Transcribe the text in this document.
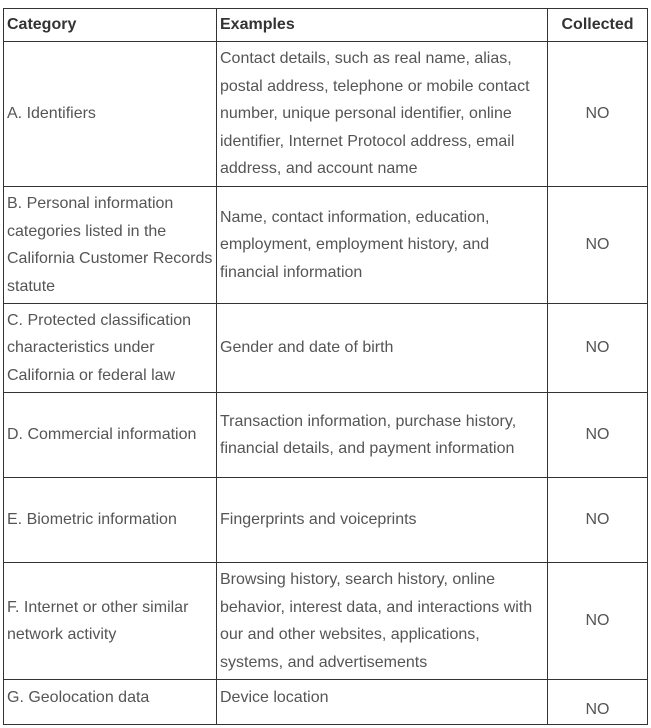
Category	Examples	Collected
A. Identifiers	Contact details, such as real name, alias, postal address, telephone or mobile contact number, unique personal identifier, online identifier, Internet Protocol address, email address, and account name	NO
B. Personal information categories listed in the California Customer Records statute	Name, contact information, education, employment, employment history, and financial information	NO
C. Protected classification characteristics under California or federal law	Gender and date of birth	NO
D. Commercial information	Transaction information, purchase history, financial details, and payment information	NO
E. Biometric information	Fingerprints and voiceprints	NO
F. Internet or other similar network activity	Browsing history, search history, online behavior, interest data, and interactions with our and other websites, applications, systems, and advertisements	NO
G. Geolocation data	Device location	NO
